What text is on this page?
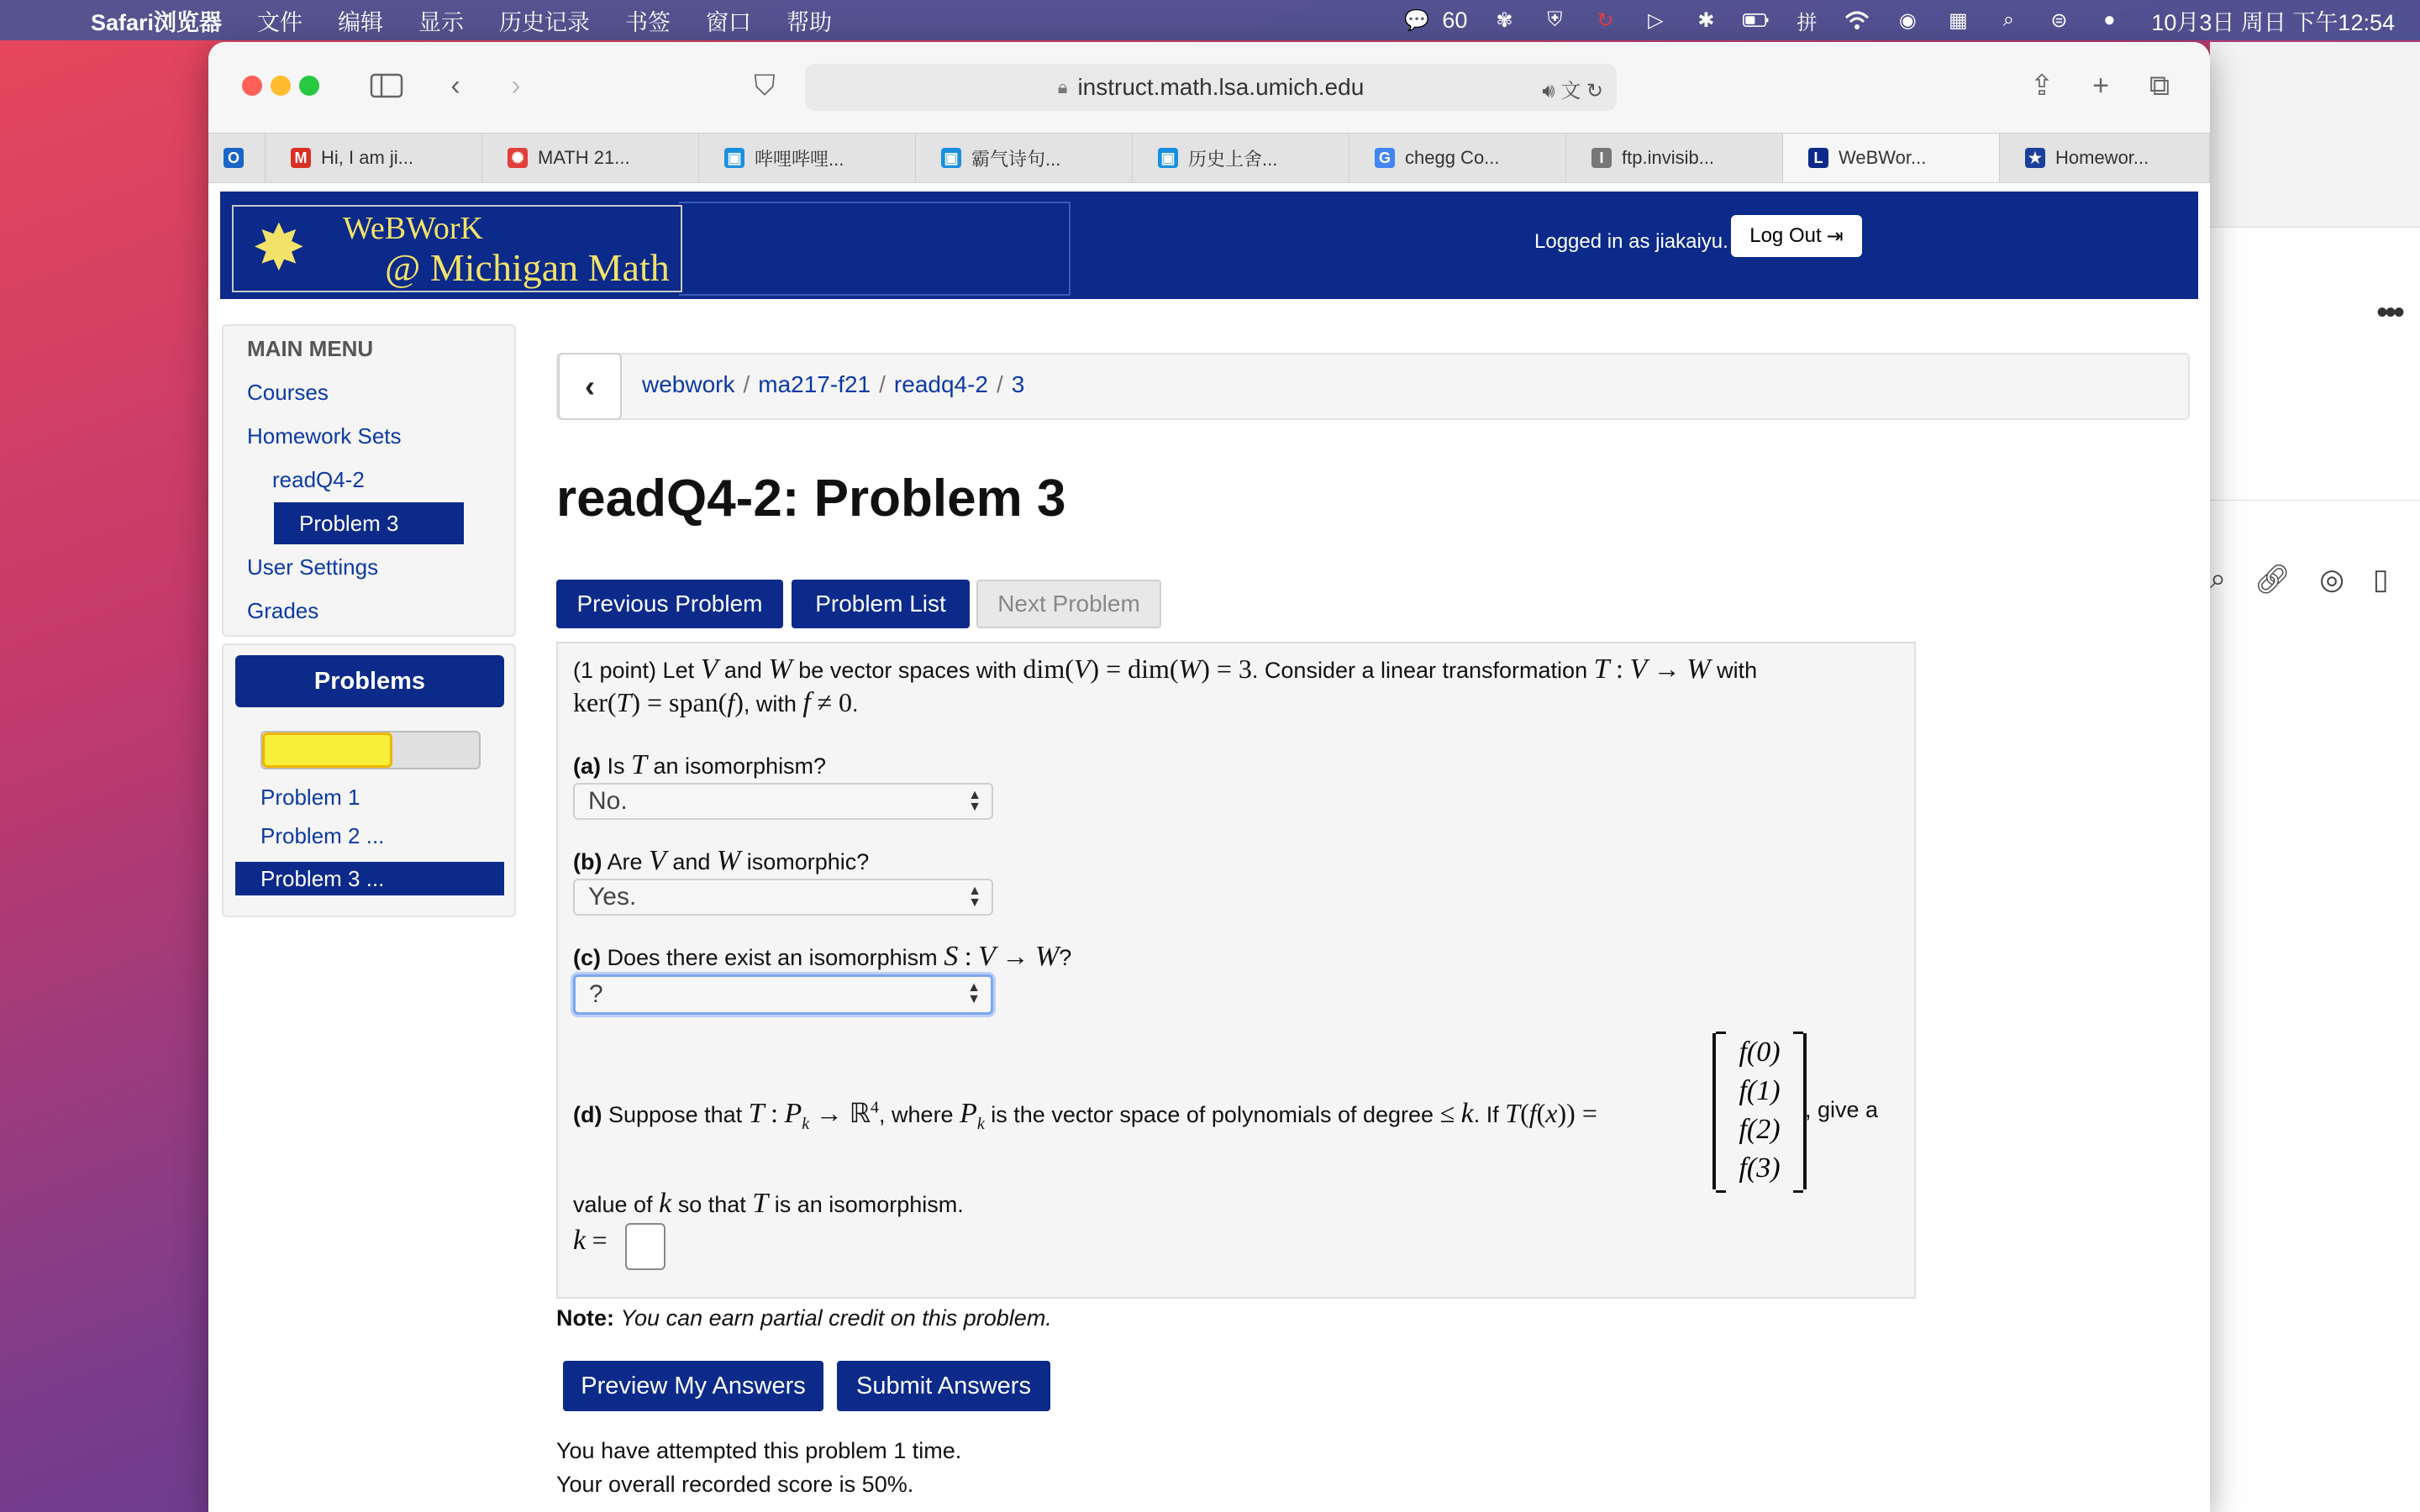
Safari浏览器 文件 编辑 显示 历史记录 书签 窗口 帮助	💬 60 ✾ ⛨ ↻ ▷ ✱	拼	◉ ▦	⌕	⊜	●	10月3日 周日 下午12:54
•••
⌕ 🔗︎ ◎ ▯
‹	›	⛉	🔒︎ instruct.math.lsa.umich.edu	🔊︎ 文 ↻	⇪	+	⧉
O	M Hi, I am ji...	✺ MATH 21...	▣ 哔哩哔哩...	▣ 霸气诗句...	▣ 历史上舍...	G chegg Co...	I ftp.invisib...	L WeBWor...	★ Homewor...
✸ WeBWorK
@ Michigan Math
Logged in as jiakaiyu. Log Out ⇥
MAIN MENU
Courses
Homework Sets
readQ4-2
Problem 3
User Settings
Grades
Problems
Problem 1
Problem 2 ...
Problem 3 ...
‹ webwork / ma217-f21 / readq4-2 / 3
readQ4-2: Problem 3
Previous Problem	Problem List	Next Problem
(1 point) Let V and W be vector spaces with dim(V) = dim(W) = 3. Consider a linear transformation T : V → W with
ker(T) = span(f), with f ≠ 0.
(a) Is T an isomorphism?
No.	▲
▼
(b) Are V and W isomorphic?
Yes.	▲
▼
(c) Does there exist an isomorphism S : V → W?
?	▲
▼
(d) Suppose that T : $P_k$ → ℝ$^4$, where $P_k$ is the vector space of polynomials of degree ≤ k. If T(f(x)) =
f(0)
f(1)
f(2)
f(3)
, give a
value of k so that T is an isomorphism.
k =
Note: You can earn partial credit on this problem.
Preview My Answers	Submit Answers
You have attempted this problem 1 time.
Your overall recorded score is 50%.
